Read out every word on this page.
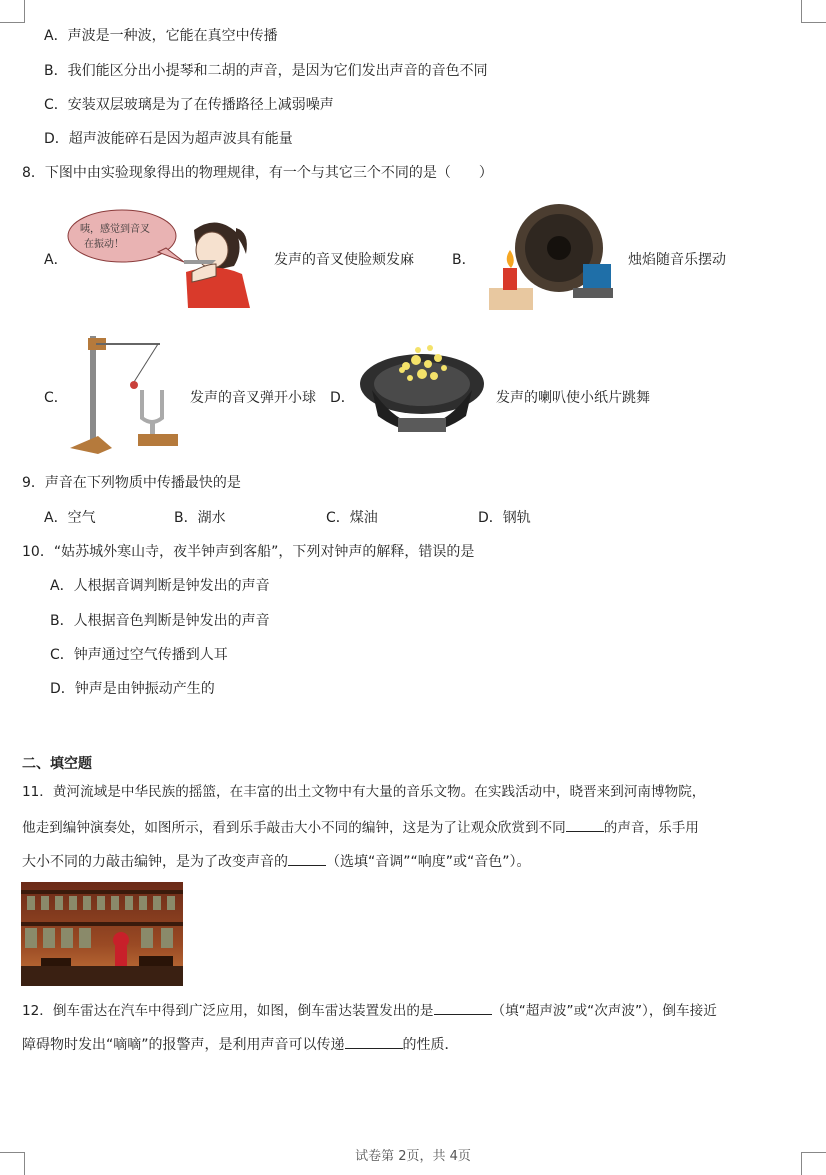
A．声波是一种波，它能在真空中传播
B．我们能区分出小提琴和二胡的声音，是因为它们发出声音的音色不同
C．安装双层玻璃是为了在传播路径上减弱噪声
D．超声波能碎石是因为超声波具有能量
8．下图中由实验现象得出的物理规律，有一个与其它三个不同的是（　　）
A．
咦，感觉到音叉
在振动！
发声的音叉使脸颊发麻	B．	烛焰随音乐摆动
C．	发声的音叉弹开小球 D．	发声的喇叭使小纸片跳舞
9．声音在下列物质中传播最快的是
A．空气	B．湖水	C．煤油	D．钢轨
10．“姑苏城外寒山寺，夜半钟声到客船”，下列对钟声的解释，错误的是
A．人根据音调判断是钟发出的声音
B．人根据音色判断是钟发出的声音
C．钟声通过空气传播到人耳
D．钟声是由钟振动产生的
二、填空题
11．黄河流域是中华民族的摇篮，在丰富的出土文物中有大量的音乐文物。在实践活动中，晓晋来到河南博物院，
他走到编钟演奏处，如图所示，看到乐手敲击大小不同的编钟，这是为了让观众欣赏到不同	的声音，乐手用
大小不同的力敲击编钟，是为了改变声音的	（选填“音调”“响度”或“音色”）。
12．倒车雷达在汽车中得到广泛应用，如图，倒车雷达装置发出的是	（填“超声波”或“次声波”），倒车接近
障碍物时发出“嘀嘀”的报警声，是利用声音可以传递	的性质．
试卷第 2页，共 4页
